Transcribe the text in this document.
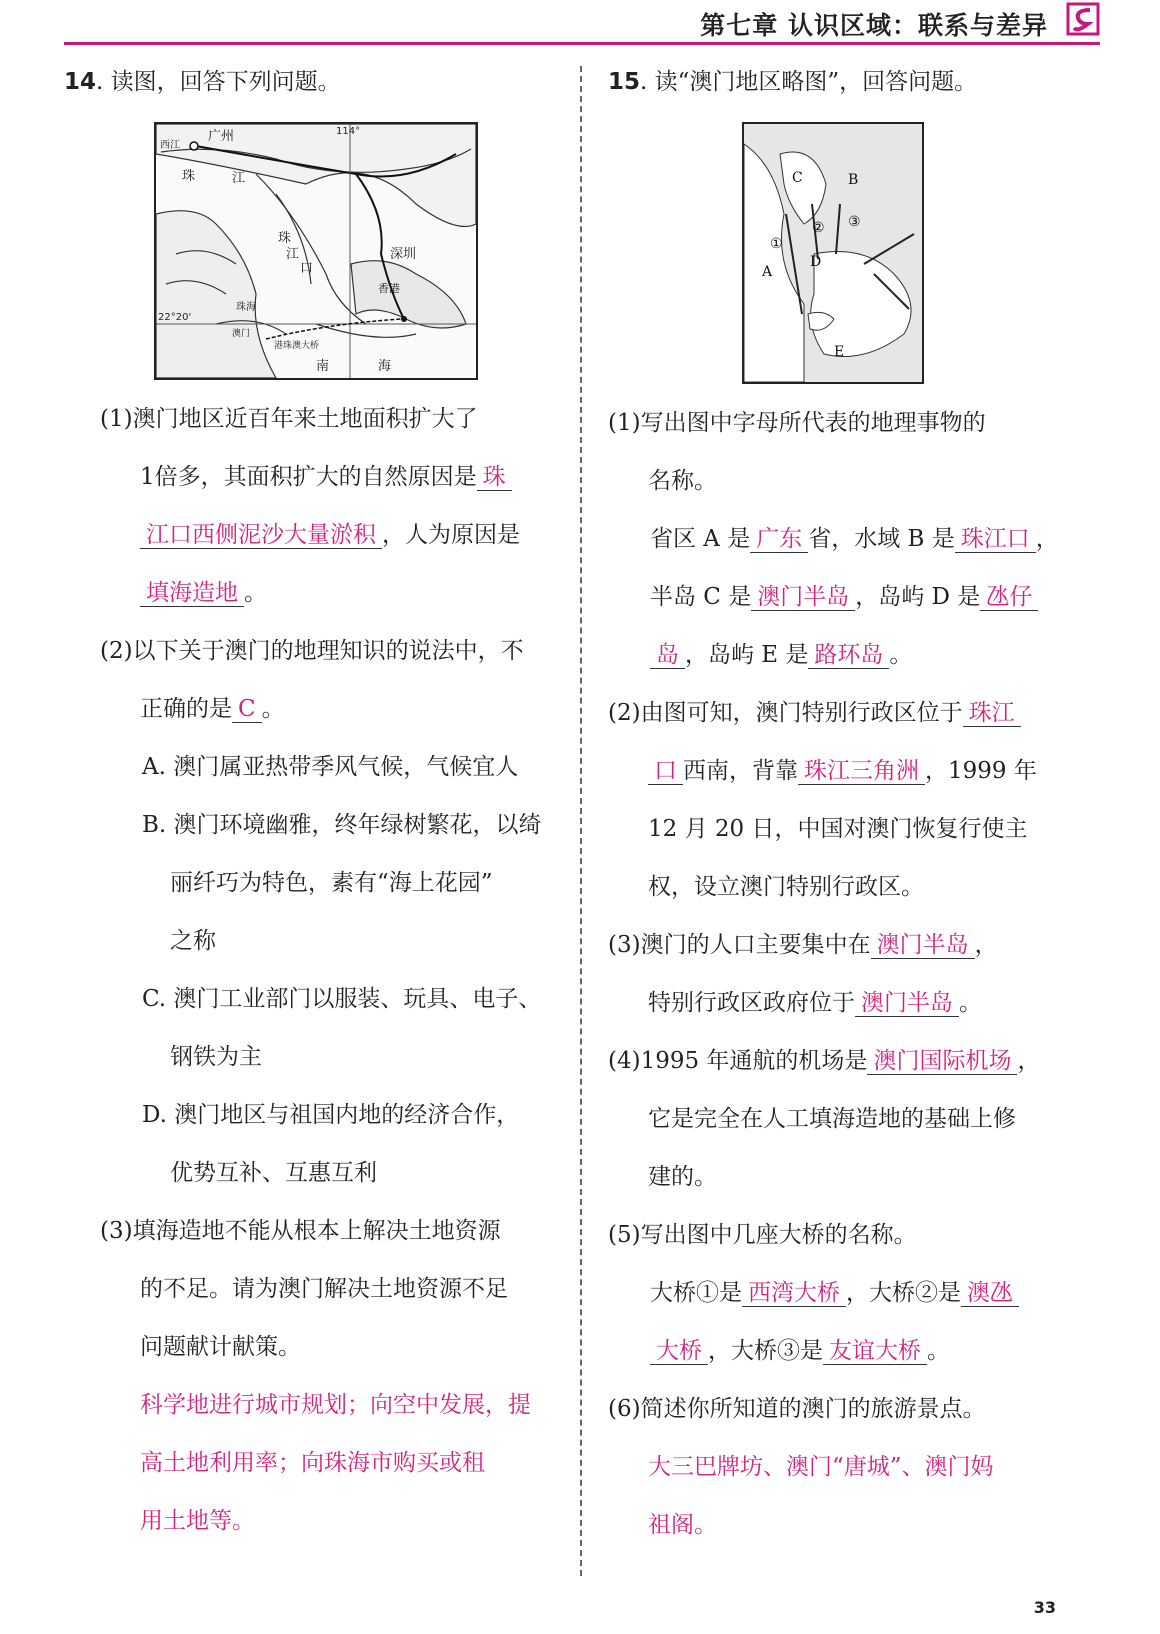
第七章 认识区域：联系与差异

14. 读图，回答下列问题。

广州
西江
珠	江
114°
珠
江
口
深圳
香港
珠海
22°20'
澳门
港珠澳大桥
南	海

(1)澳门地区近百年来土地面积扩大了
1倍多，其面积扩大的自然原因是 珠
江口西侧泥沙大量淤积 ，人为原因是
填海造地 。

(2)以下关于澳门的地理知识的说法中，不
正确的是 C 。

A. 澳门属亚热带季风气候，气候宜人

B. 澳门环境幽雅，终年绿树繁花，以绮
丽纤巧为特色，素有“海上花园”
之称

C. 澳门工业部门以服装、玩具、电子、
钢铁为主

D. 澳门地区与祖国内地的经济合作，
优势互补、互惠互利

(3)填海造地不能从根本上解决土地资源
的不足。请为澳门解决土地资源不足
问题献计献策。
科学地进行城市规划；向空中发展，提
高土地利用率；向珠海市购买或租
用土地等。

15. 读“澳门地区略图”，回答问题。

A
B
C
D
E
①
② ③

(1)写出图中字母所代表的地理事物的
名称。

省区 A 是 广东 省，水域 B 是 珠江口 ，
半岛 C 是 澳门半岛 ，岛屿 D 是 氹仔
岛 ，岛屿 E 是 路环岛 。

(2)由图可知，澳门特别行政区位于 珠江
口 西南，背靠 珠江三角洲 ，1999 年
12 月 20 日，中国对澳门恢复行使主
权，设立澳门特别行政区。

(3)澳门的人口主要集中在 澳门半岛 ，
特别行政区政府位于 澳门半岛 。

(4)1995 年通航的机场是 澳门国际机场 ，
它是完全在人工填海造地的基础上修
建的。

(5)写出图中几座大桥的名称。

大桥①是 西湾大桥 ，大桥②是 澳氹
大桥 ，大桥③是 友谊大桥 。

(6)简述你所知道的澳门的旅游景点。
大三巴牌坊、澳门“唐城”、澳门妈
祖阁。

33
